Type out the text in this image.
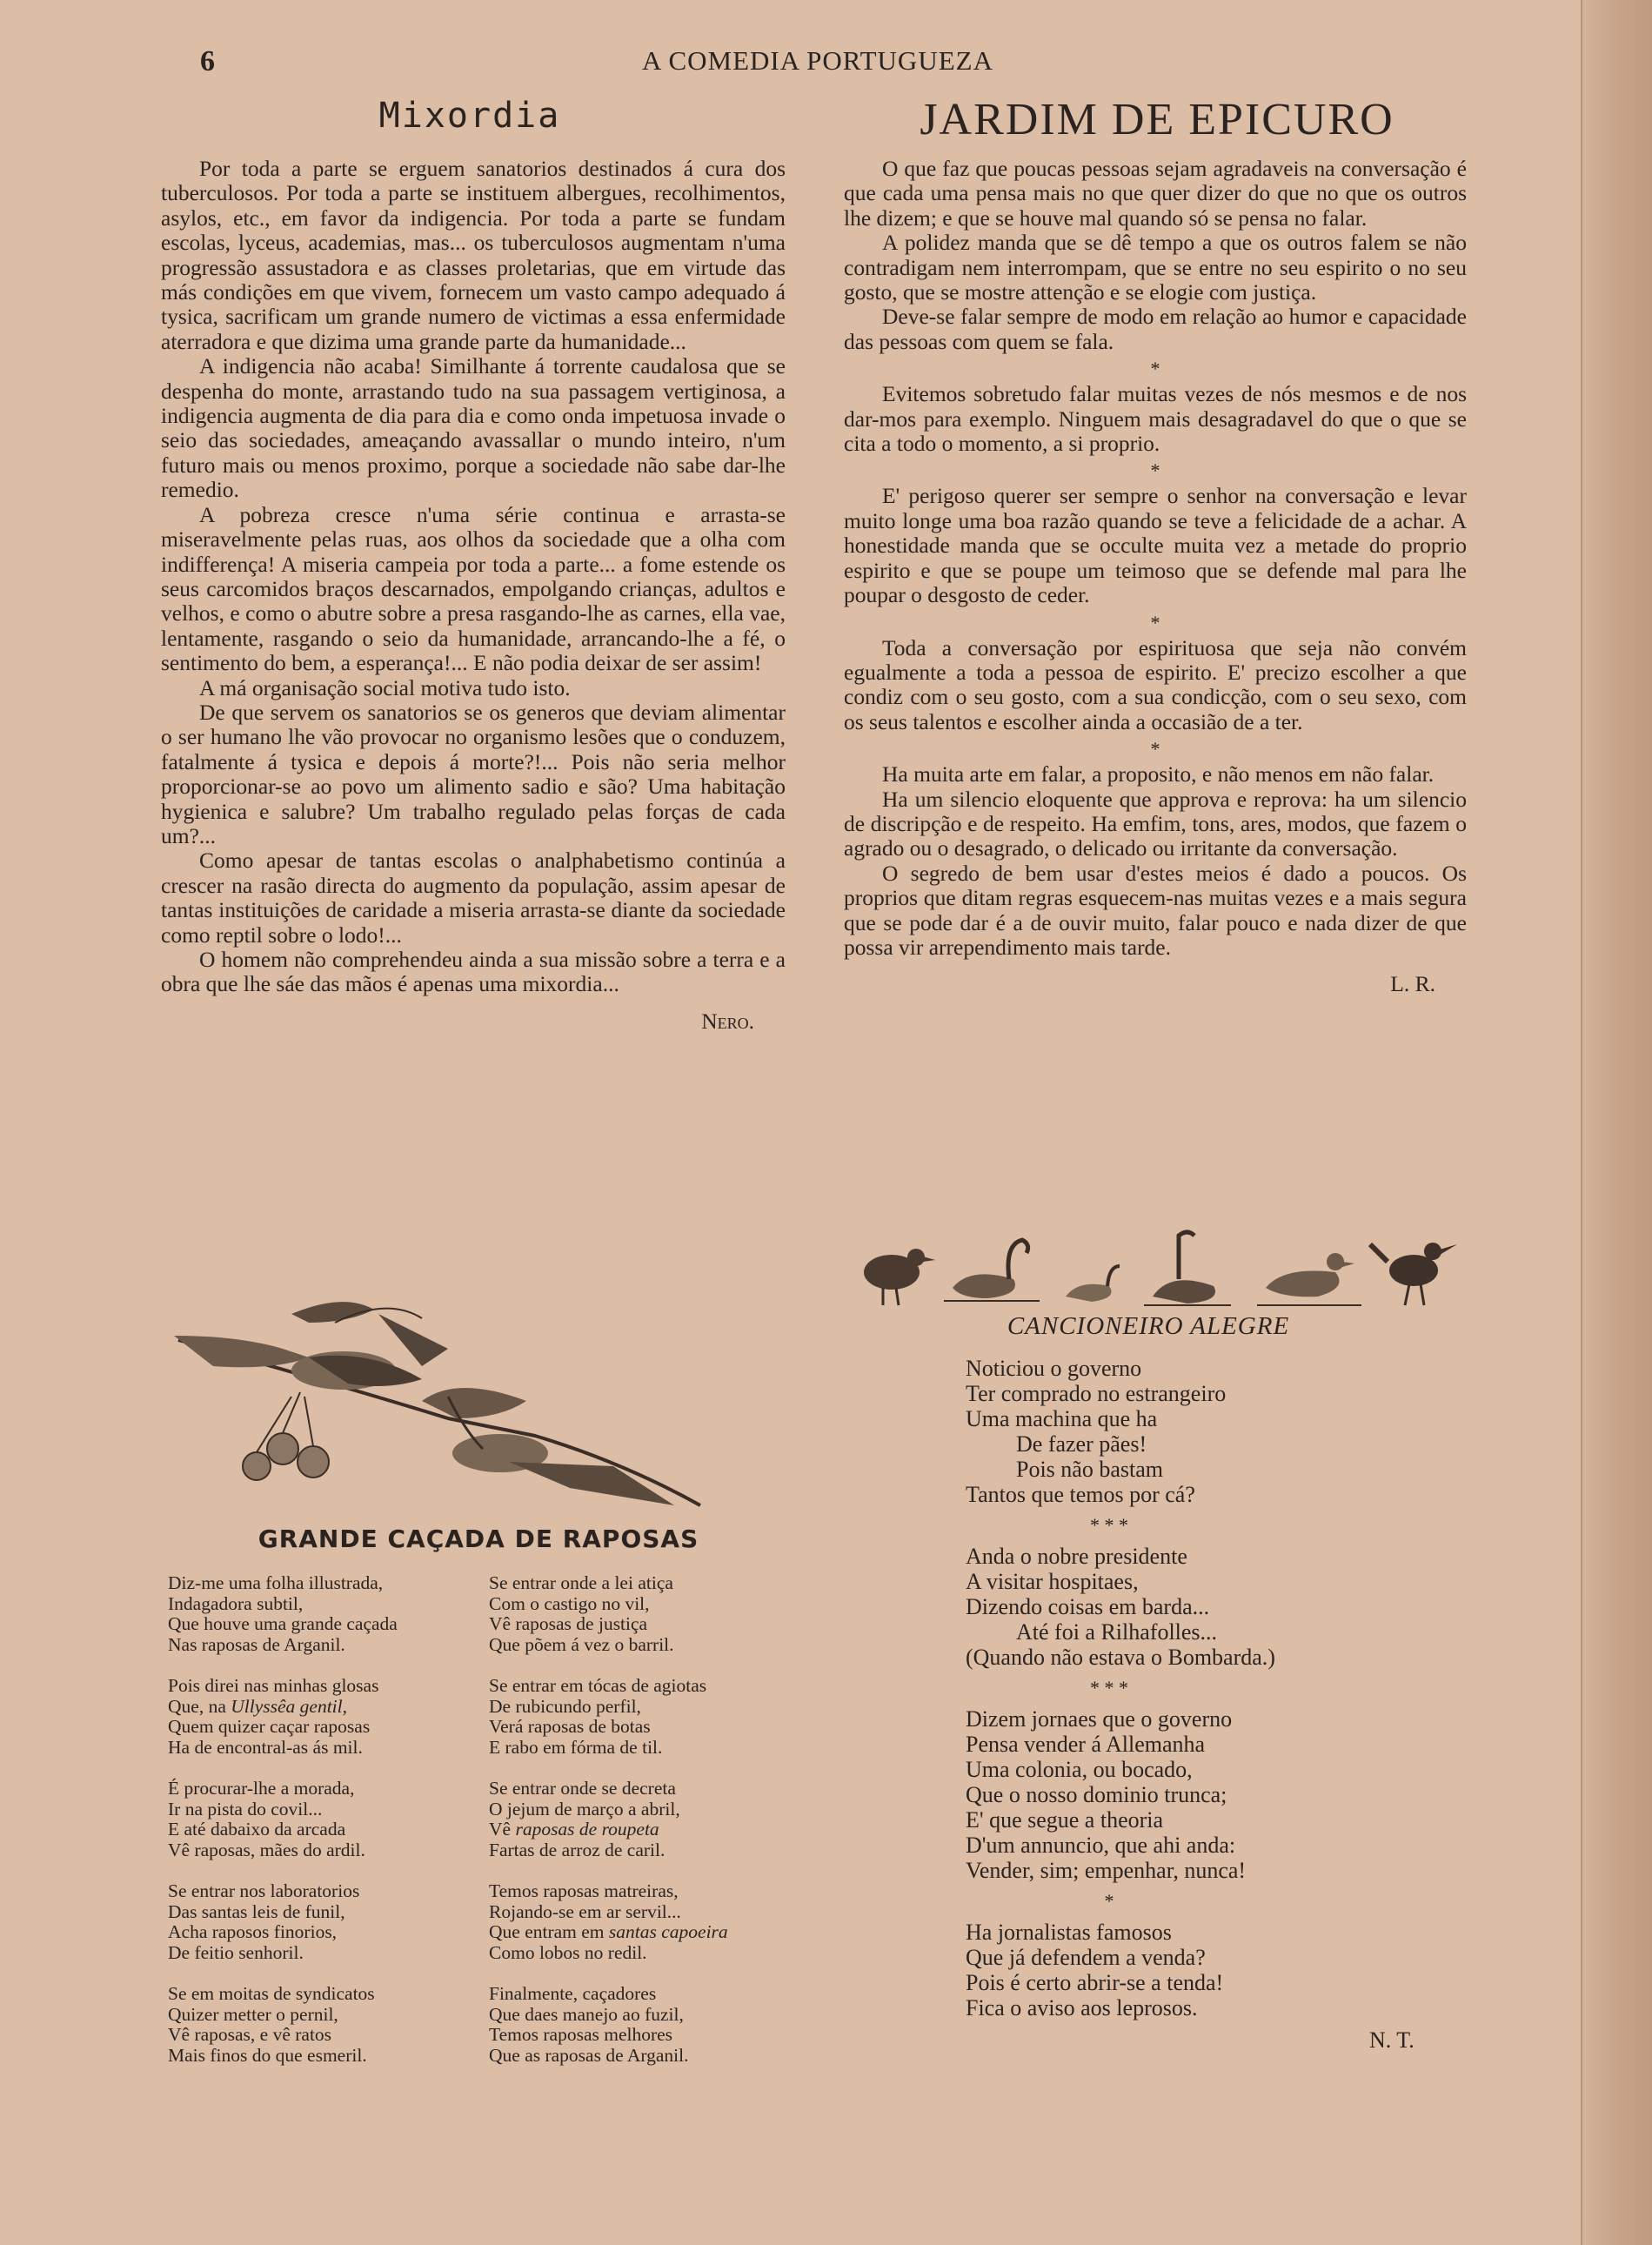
6	A COMEDIA PORTUGUEZA
Mixordia

Por toda a parte se erguem sanatorios destinados á cura dos tuberculosos. Por toda a parte se instituem albergues, recolhimentos, asylos, etc., em favor da indigencia. Por toda a parte se fundam escolas, lyceus, academias, mas... os tuberculosos augmentam n'uma progressão assustadora e as classes proletarias, que em virtude das más condições em que vivem, fornecem um vasto campo adequado á tysica, sacrificam um grande numero de victimas a essa enfermidade aterradora e que dizima uma grande parte da humanidade...

A indigencia não acaba! Similhante á torrente caudalosa que se despenha do monte, arrastando tudo na sua passagem vertiginosa, a indigencia augmenta de dia para dia e como onda impetuosa invade o seio das sociedades, ameaçando avassallar o mundo inteiro, n'um futuro mais ou menos proximo, porque a sociedade não sabe dar-lhe remedio.

A pobreza cresce n'uma série continua e arrasta-se miseravelmente pelas ruas, aos olhos da sociedade que a olha com indifferença! A miseria campeia por toda a parte... a fome estende os seus carcomidos braços descarnados, empolgando crianças, adultos e velhos, e como o abutre sobre a presa rasgando-lhe as carnes, ella vae, lentamente, rasgando o seio da humanidade, arrancando-lhe a fé, o sentimento do bem, a esperança!... E não podia deixar de ser assim!

A má organisação social motiva tudo isto.

De que servem os sanatorios se os generos que deviam alimentar o ser humano lhe vão provocar no organismo lesões que o conduzem, fatalmente á tysica e depois á morte?!... Pois não seria melhor proporcionar-se ao povo um alimento sadio e são? Uma habitação hygienica e salubre? Um trabalho regulado pelas forças de cada um?...

Como apesar de tantas escolas o analphabetismo continúa a crescer na rasão directa do augmento da população, assim apesar de tantas instituições de caridade a miseria arrasta-se diante da sociedade como reptil sobre o lodo!...

O homem não comprehendeu ainda a sua missão sobre a terra e a obra que lhe sáe das mãos é apenas uma mixordia...

Nero.

GRANDE CAÇADA DE RAPOSAS
Diz-me uma folha illustrada,
Indagadora subtil,
Que houve uma grande caçada
Nas raposas de Arganil.
Pois direi nas minhas glosas
Que, na Ullyssêa gentil,
Quem quizer caçar raposas
Ha de encontral-as ás mil.
É procurar-lhe a morada,
Ir na pista do covil...
E até dabaixo da arcada
Vê raposas, mães do ardil.
Se entrar nos laboratorios
Das santas leis de funil,
Acha raposos finorios,
De feitio senhoril.
Se em moitas de syndicatos
Quizer metter o pernil,
Vê raposas, e vê ratos
Mais finos do que esmeril.
Se entrar onde a lei atiça
Com o castigo no vil,
Vê raposas de justiça
Que põem á vez o barril.
Se entrar em tócas de agiotas
De rubicundo perfil,
Verá raposas de botas
E rabo em fórma de til.
Se entrar onde se decreta
O jejum de março a abril,
Vê raposas de roupeta
Fartas de arroz de caril.
Temos raposas matreiras,
Rojando-se em ar servil...
Que entram em santas capoeira
Como lobos no redil.
Finalmente, caçadores
Que daes manejo ao fuzil,
Temos raposas melhores
Que as raposas de Arganil.
JARDIM DE EPICURO

O que faz que poucas pessoas sejam agradaveis na conversação é que cada uma pensa mais no que quer dizer do que no que os outros lhe dizem; e que se houve mal quando só se pensa no falar.

A polidez manda que se dê tempo a que os outros falem se não contradigam nem interrompam, que se entre no seu espirito o no seu gosto, que se mostre attenção e se elogie com justiça.

Deve-se falar sempre de modo em relação ao humor e capacidade das pessoas com quem se fala.

*

Evitemos sobretudo falar muitas vezes de nós mesmos e de nos dar-mos para exemplo. Ninguem mais desagradavel do que o que se cita a todo o momento, a si proprio.

*

E' perigoso querer ser sempre o senhor na conversação e levar muito longe uma boa razão quando se teve a felicidade de a achar. A honestidade manda que se occulte muita vez a metade do proprio espirito e que se poupe um teimoso que se defende mal para lhe poupar o desgosto de ceder.

*

Toda a conversação por espirituosa que seja não convém egualmente a toda a pessoa de espirito. E' precizo escolher a que condiz com o seu gosto, com a sua condicção, com o seu sexo, com os seus talentos e escolher ainda a occasião de a ter.

*

Ha muita arte em falar, a proposito, e não menos em não falar.

Ha um silencio eloquente que approva e reprova: ha um silencio de discripção e de respeito. Ha emfim, tons, ares, modos, que fazem o agrado ou o desagrado, o delicado ou irritante da conversação.

O segredo de bem usar d'estes meios é dado a poucos. Os proprios que ditam regras esquecem-nas muitas vezes e a mais segura que se pode dar é a de ouvir muito, falar pouco e nada dizer de que possa vir arrependimento mais tarde.

L. R.

CANCIONEIRO ALEGRE
Noticiou o governo
Ter comprado no estrangeiro
Uma machina que ha
De fazer pães!
Pois não bastam
Tantos que temos por cá?
* * *
Anda o nobre presidente
A visitar hospitaes,
Dizendo coisas em barda...
Até foi a Rilhafolles...
(Quando não estava o Bombarda.)
* * *
Dizem jornaes que o governo
Pensa vender á Allemanha
Uma colonia, ou bocado,
Que o nosso dominio trunca;
E' que segue a theoria
D'um annuncio, que ahi anda:
Vender, sim; empenhar, nunca!
*
Ha jornalistas famosos
Que já defendem a venda?
Pois é certo abrir-se a tenda!
Fica o aviso aos leprosos.
N. T.
